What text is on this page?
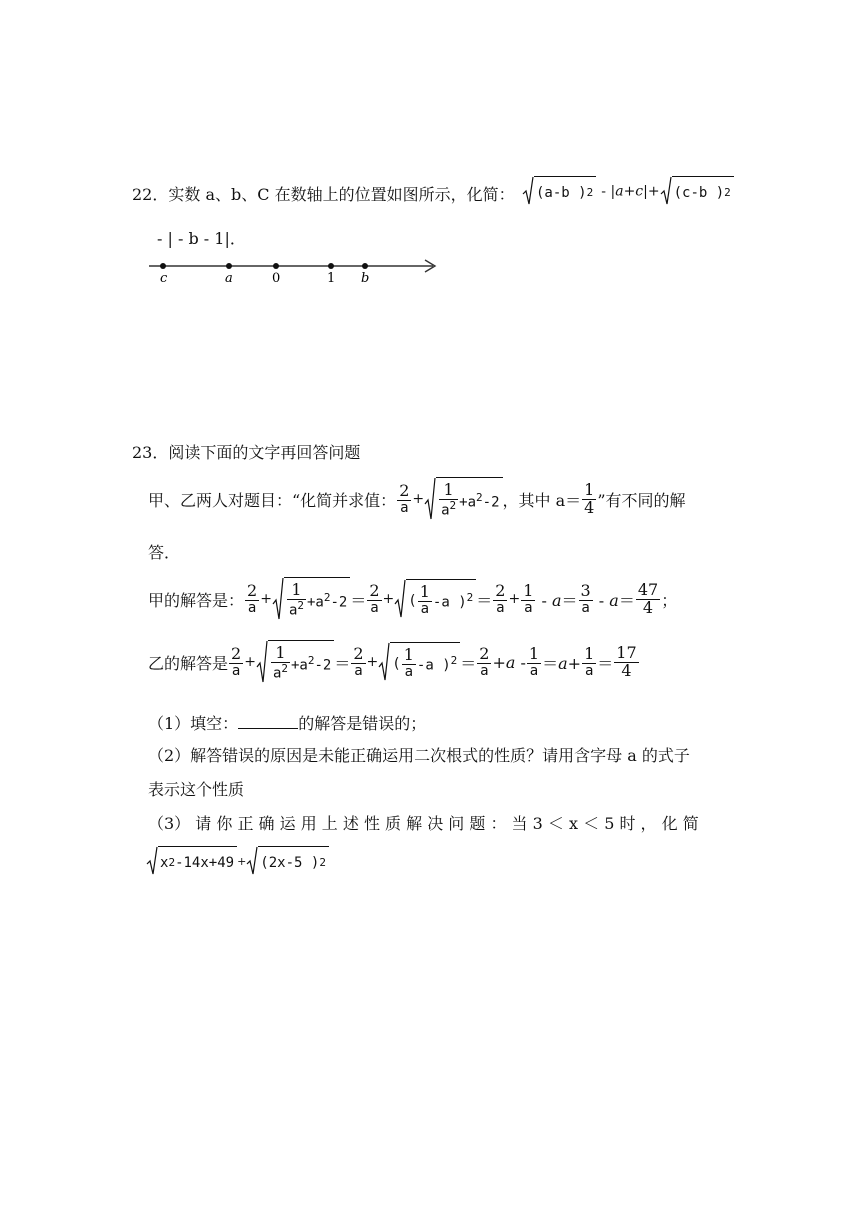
22．实数 a、b、C 在数轴上的位置如图所示，化简： (a-b ) 2 - |a+c|+ (c-b ) 2
- | - b - 1|．
c	a	0	1 b
23．阅读下面的文字再回答问题
甲、乙两人对题目：“化简并求值： $\frac{2}{a} + \frac{1}{a^2} +a^2-2$ ，其中 $a= \frac{1}{4}$ ”有不同的解
答．
甲的解答是： $\frac{2}{a} + \frac{1}{a^2} +a^2-2 = \frac{2}{a}$ + ( $\frac{1}{a} -a$ )$^2 = \frac{2}{a} + \frac{1}{a} - a= \frac{3}{a} - a= \frac{47}{4}$ ；
乙的解答是 $\frac{2}{a} + \frac{1}{a^2} +a^2-2 = \frac{2}{a}$ + ( $\frac{1}{a} -a$ )$^2 = \frac{2}{a} +a - \frac{1}{a} =a+ \frac{1}{a} = \frac{17}{4}$
（1）填空：	的解答是错误的；
（2）解答错误的原因是未能正确运用二次根式的性质？请用含字母 a 的式子
表示这个性质
（3） 请 你 正 确 运 用 上 述 性 质 解 决 问 题 ： 当 3 ＜ x ＜ 5 时 ， 化 简
x 2 -14x+49 + (2x-5 ) 2
